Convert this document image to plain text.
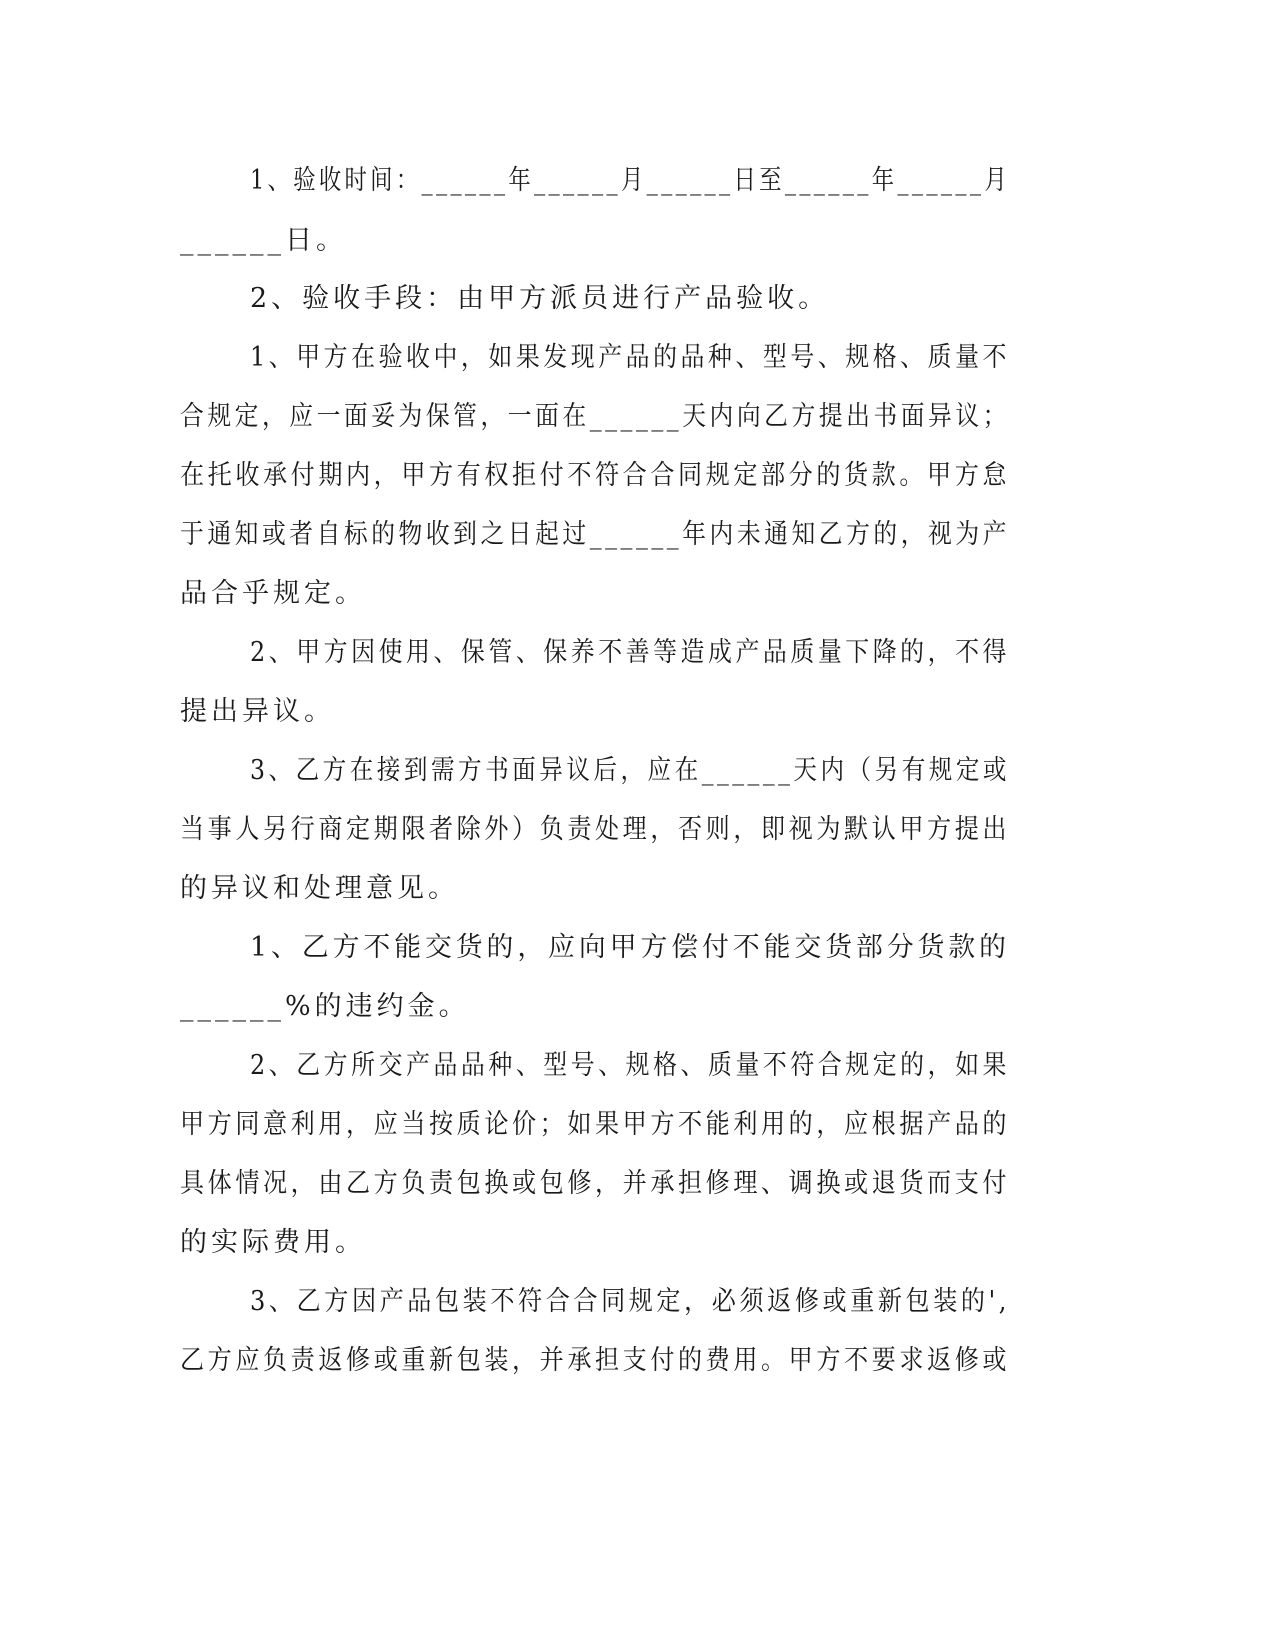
1、验收时间：______年______月______日至______年______月
______日。
2、验收手段：由甲方派员进行产品验收。
1、甲方在验收中，如果发现产品的品种、型号、规格、质量不
合规定，应一面妥为保管，一面在______天内向乙方提出书面异议；
在托收承付期内，甲方有权拒付不符合合同规定部分的货款。甲方怠
于通知或者自标的物收到之日起过______年内未通知乙方的，视为产
品合乎规定。
2、甲方因使用、保管、保养不善等造成产品质量下降的，不得
提出异议。
3、乙方在接到需方书面异议后，应在______天内（另有规定或
当事人另行商定期限者除外）负责处理，否则，即视为默认甲方提出
的异议和处理意见。
1、乙方不能交货的，应向甲方偿付不能交货部分货款的
______%的违约金。
2、乙方所交产品品种、型号、规格、质量不符合规定的，如果
甲方同意利用，应当按质论价；如果甲方不能利用的，应根据产品的
具体情况，由乙方负责包换或包修，并承担修理、调换或退货而支付
的实际费用。
3、乙方因产品包装不符合合同规定，必须返修或重新包装的',
乙方应负责返修或重新包装，并承担支付的费用。甲方不要求返修或
